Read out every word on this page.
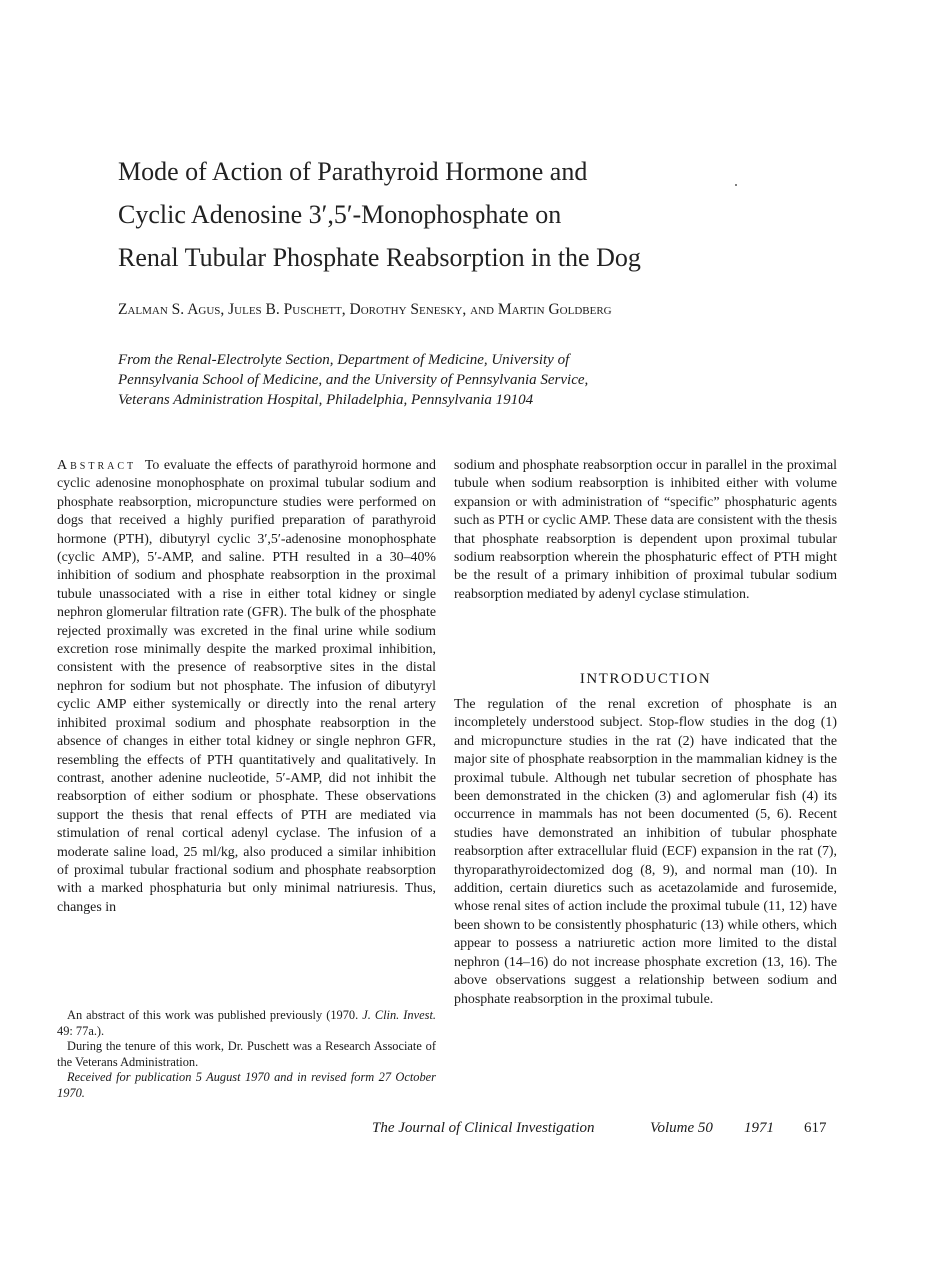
Mode of Action of Parathyroid Hormone and
Cyclic Adenosine 3′,5′-Monophosphate on
Renal Tubular Phosphate Reabsorption in the Dog
Zalman S. Agus, Jules B. Puschett, Dorothy Senesky, and Martin Goldberg
From the Renal-Electrolyte Section, Department of Medicine, University of
Pennsylvania School of Medicine, and the University of Pennsylvania Service,
Veterans Administration Hospital, Philadelphia, Pennsylvania 19104

Abstract To evaluate the effects of parathyroid hormone and cyclic adenosine monophosphate on proximal tubular sodium and phosphate reabsorption, micropuncture studies were performed on dogs that received a highly purified preparation of parathyroid hormone (PTH), dibutyryl cyclic 3′,5′-adenosine monophosphate (cyclic AMP), 5′-AMP, and saline. PTH resulted in a 30–40% inhibition of sodium and phosphate reabsorption in the proximal tubule unassociated with a rise in either total kidney or single nephron glomerular filtration rate (GFR). The bulk of the phosphate rejected proximally was excreted in the final urine while sodium excretion rose minimally despite the marked proximal inhibition, consistent with the presence of reabsorptive sites in the distal nephron for sodium but not phosphate. The infusion of dibutyryl cyclic AMP either systemically or directly into the renal artery inhibited proximal sodium and phosphate reabsorption in the absence of changes in either total kidney or single nephron GFR, resembling the effects of PTH quantitatively and qualitatively. In contrast, another adenine nucleotide, 5′-AMP, did not inhibit the reabsorption of either sodium or phosphate. These observations support the thesis that renal effects of PTH are mediated via stimulation of renal cortical adenyl cyclase. The infusion of a moderate saline load, 25 ml/kg, also produced a similar inhibition of proximal tubular fractional sodium and phosphate reabsorption with a marked phosphaturia but only minimal natriuresis. Thus, changes in

sodium and phosphate reabsorption occur in parallel in the proximal tubule when sodium reabsorption is inhibited either with volume expansion or with administration of “specific” phosphaturic agents such as PTH or cyclic AMP. These data are consistent with the thesis that phosphate reabsorption is dependent upon proximal tubular sodium reabsorption wherein the phosphaturic effect of PTH might be the result of a primary inhibition of proximal tubular sodium reabsorption mediated by adenyl cyclase stimulation.

INTRODUCTION

The regulation of the renal excretion of phosphate is an incompletely understood subject. Stop-flow studies in the dog (1) and micropuncture studies in the rat (2) have indicated that the major site of phosphate reabsorption in the mammalian kidney is the proximal tubule. Although net tubular secretion of phosphate has been demonstrated in the chicken (3) and aglomerular fish (4) its occurrence in mammals has not been documented (5, 6). Recent studies have demonstrated an inhibition of tubular phosphate reabsorption after extracellular fluid (ECF) expansion in the rat (7), thyroparathyroidectomized dog (8, 9), and normal man (10). In addition, certain diuretics such as acetazolamide and furosemide, whose renal sites of action include the proximal tubule (11, 12) have been shown to be consistently phosphaturic (13) while others, which appear to possess a natriuretic action more limited to the distal nephron (14–16) do not increase phosphate excretion (13, 16). The above observations suggest a relationship between sodium and phosphate reabsorption in the proximal tubule.

An abstract of this work was published previously (1970. J. Clin. Invest. 49: 77a.).

During the tenure of this work, Dr. Puschett was a Research Associate of the Veterans Administration.

Received for publication 5 August 1970 and in revised form 27 October 1970.

The Journal of Clinical Investigation	Volume 50 1971 617
